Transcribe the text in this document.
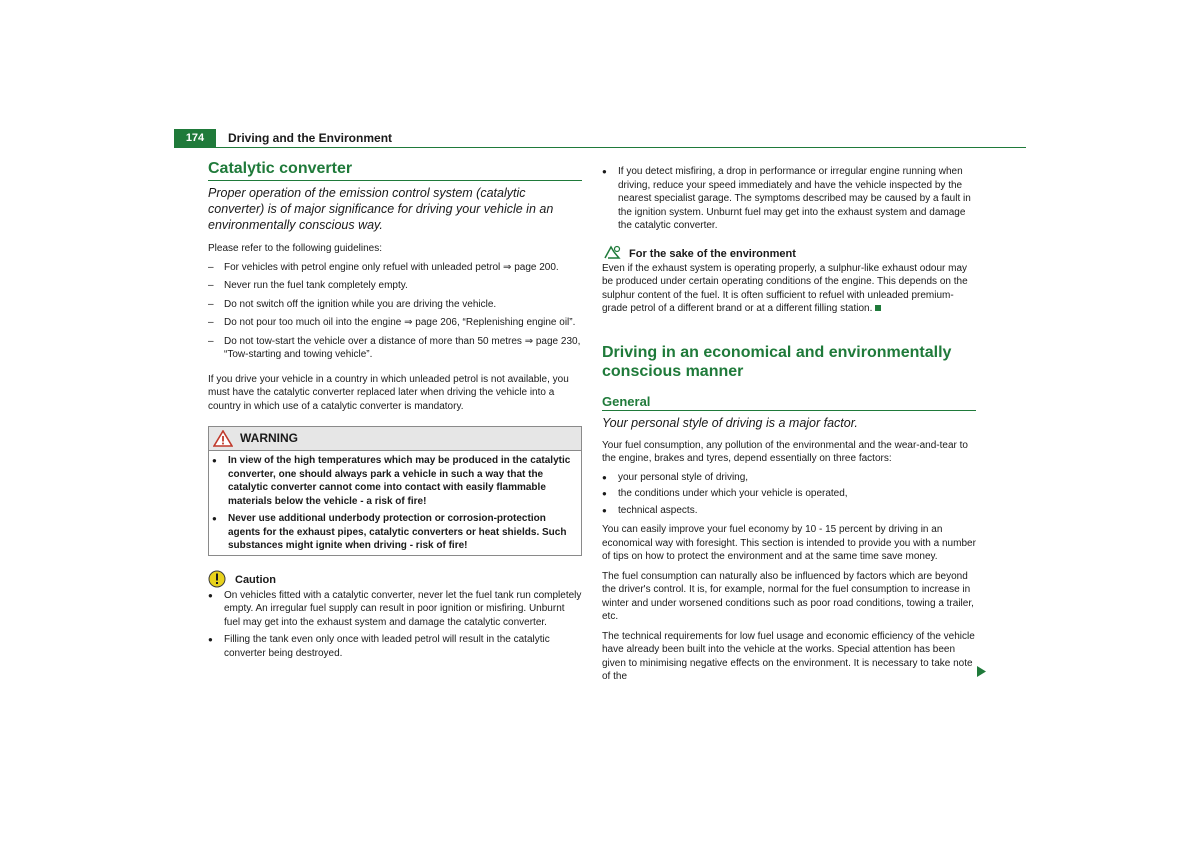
174	Driving and the Environment
Catalytic converter

Proper operation of the emission control system (catalytic converter) is of major significance for driving your vehicle in an environmentally conscious way.

Please refer to the following guidelines:

– For vehicles with petrol engine only refuel with unleaded petrol ⇒ page 200.

– Never run the fuel tank completely empty.

– Do not switch off the ignition while you are driving the vehicle.

– Do not pour too much oil into the engine ⇒ page 206, “Replenishing engine oil”.

– Do not tow-start the vehicle over a distance of more than 50 metres ⇒ page 230, “Tow-starting and towing vehicle”.

If you drive your vehicle in a country in which unleaded petrol is not available, you must have the catalytic converter replaced later when driving the vehicle into a country in which use of a catalytic converter is mandatory.

WARNING

● In view of the high temperatures which may be produced in the catalytic converter, one should always park a vehicle in such a way that the catalytic converter cannot come into contact with easily flammable materials below the vehicle - a risk of fire!

● Never use additional underbody protection or corrosion-protection agents for the exhaust pipes, catalytic converters or heat shields. Such substances might ignite when driving - risk of fire!

Caution

● On vehicles fitted with a catalytic converter, never let the fuel tank run completely empty. An irregular fuel supply can result in poor ignition or misfiring. Unburnt fuel may get into the exhaust system and damage the catalytic converter.

● Filling the tank even only once with leaded petrol will result in the catalytic converter being destroyed.

● If you detect misfiring, a drop in performance or irregular engine running when driving, reduce your speed immediately and have the vehicle inspected by the nearest specialist garage. The symptoms described may be caused by a fault in the ignition system. Unburnt fuel may get into the exhaust system and damage the catalytic converter.

For the sake of the environment

Even if the exhaust system is operating properly, a sulphur-like exhaust odour may be produced under certain operating conditions of the engine. This depends on the sulphur content of the fuel. It is often sufficient to refuel with unleaded premium-grade petrol of a different brand or at a different filling station.

Driving in an economical and environmentally
conscious manner
General

Your personal style of driving is a major factor.

Your fuel consumption, any pollution of the environmental and the wear-and-tear to the engine, brakes and tyres, depend essentially on three factors:

● your personal style of driving,

● the conditions under which your vehicle is operated,

● technical aspects.

You can easily improve your fuel economy by 10 - 15 percent by driving in an economical way with foresight. This section is intended to provide you with a number of tips on how to protect the environment and at the same time save money.

The fuel consumption can naturally also be influenced by factors which are beyond the driver's control. It is, for example, normal for the fuel consumption to increase in winter and under worsened conditions such as poor road conditions, towing a trailer, etc.

The technical requirements for low fuel usage and economic efficiency of the vehicle have already been built into the vehicle at the works. Special attention has been given to minimising negative effects on the environment. It is necessary to take note of the
